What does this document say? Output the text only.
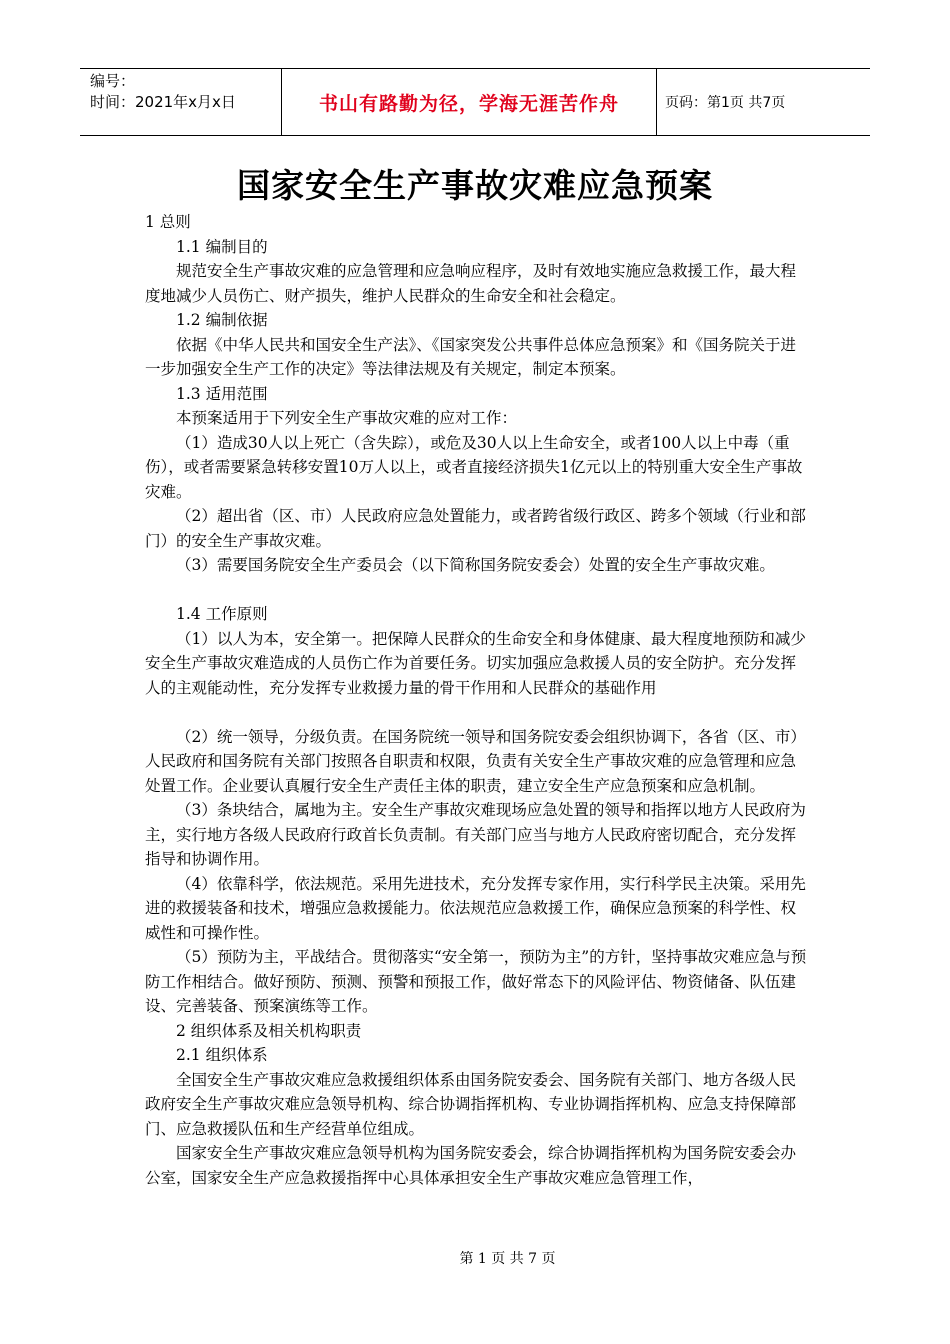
编号：
时间：2021年x月x日	书山有路勤为径，学海无涯苦作舟	页码：第1页 共7页
国家安全生产事故灾难应急预案

1 总则

1.1 编制目的

规范安全生产事故灾难的应急管理和应急响应程序，及时有效地实施应急救援工作，最大程度地减少人员伤亡、财产损失，维护人民群众的生命安全和社会稳定。

1.2 编制依据

依据《中华人民共和国安全生产法》、《国家突发公共事件总体应急预案》和《国务院关于进一步加强安全生产工作的决定》等法律法规及有关规定，制定本预案。

1.3 适用范围

本预案适用于下列安全生产事故灾难的应对工作：

（1）造成30人以上死亡（含失踪），或危及30人以上生命安全，或者100人以上中毒（重伤），或者需要紧急转移安置10万人以上，或者直接经济损失1亿元以上的特别重大安全生产事故灾难。

（2）超出省（区、市）人民政府应急处置能力，或者跨省级行政区、跨多个领域（行业和部门）的安全生产事故灾难。

（3）需要国务院安全生产委员会（以下简称国务院安委会）处置的安全生产事故灾难。

1.4 工作原则

（1）以人为本，安全第一。把保障人民群众的生命安全和身体健康、最大程度地预防和减少安全生产事故灾难造成的人员伤亡作为首要任务。切实加强应急救援人员的安全防护。充分发挥人的主观能动性，充分发挥专业救援力量的骨干作用和人民群众的基础作用

（2）统一领导，分级负责。在国务院统一领导和国务院安委会组织协调下，各省（区、市）人民政府和国务院有关部门按照各自职责和权限，负责有关安全生产事故灾难的应急管理和应急处置工作。企业要认真履行安全生产责任主体的职责，建立安全生产应急预案和应急机制。

（3）条块结合，属地为主。安全生产事故灾难现场应急处置的领导和指挥以地方人民政府为主，实行地方各级人民政府行政首长负责制。有关部门应当与地方人民政府密切配合，充分发挥指导和协调作用。

（4）依靠科学，依法规范。采用先进技术，充分发挥专家作用，实行科学民主决策。采用先进的救援装备和技术，增强应急救援能力。依法规范应急救援工作，确保应急预案的科学性、权威性和可操作性。

（5）预防为主，平战结合。贯彻落实“安全第一，预防为主”的方针，坚持事故灾难应急与预防工作相结合。做好预防、预测、预警和预报工作，做好常态下的风险评估、物资储备、队伍建设、完善装备、预案演练等工作。

2 组织体系及相关机构职责

2.1 组织体系

全国安全生产事故灾难应急救援组织体系由国务院安委会、国务院有关部门、地方各级人民政府安全生产事故灾难应急领导机构、综合协调指挥机构、专业协调指挥机构、应急支持保障部门、应急救援队伍和生产经营单位组成。

国家安全生产事故灾难应急领导机构为国务院安委会，综合协调指挥机构为国务院安委会办公室，国家安全生产应急救援指挥中心具体承担安全生产事故灾难应急管理工作，

第 1 页 共 7 页
